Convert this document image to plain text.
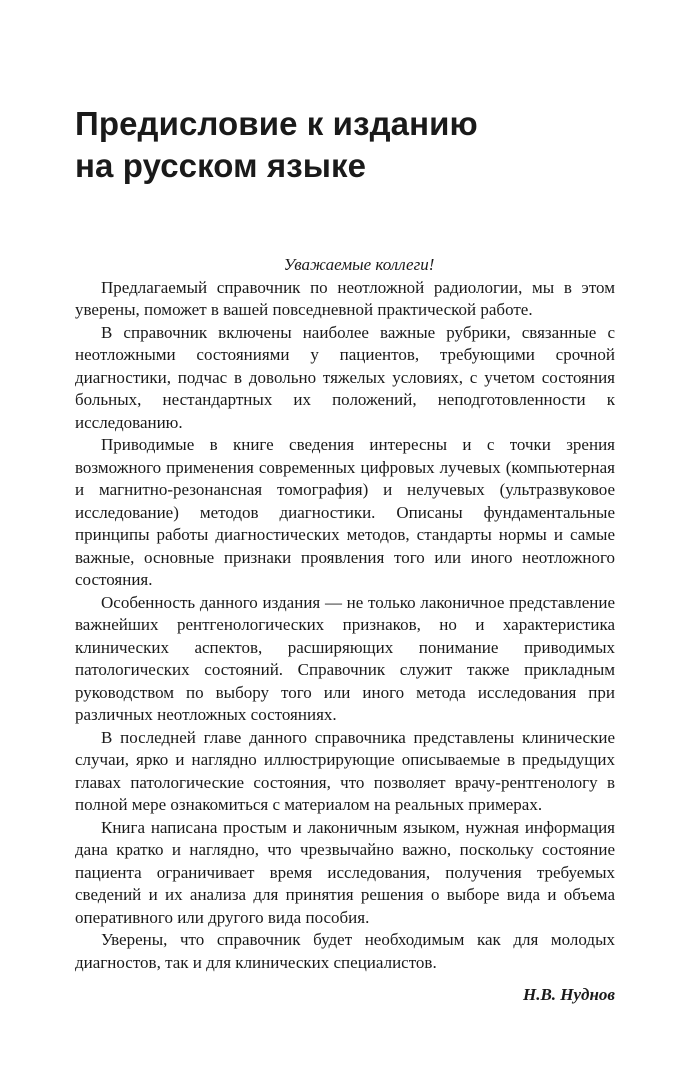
Предисловие к изданию
на русском языке

Уважаемые коллеги!

Предлагаемый справочник по неотложной радиологии, мы в этом уверены, поможет в вашей повседневной практической работе.

В справочник включены наиболее важные рубрики, связанные с неотложными состояниями у пациентов, требующими срочной диагностики, подчас в довольно тяжелых условиях, с учетом состояния больных, нестандартных их положений, неподготовленности к исследованию.

Приводимые в книге сведения интересны и с точки зрения возможного применения современных цифровых лучевых (компьютерная и магнитно-резонансная томография) и нелучевых (ультразвуковое исследование) методов диагностики. Описаны фундаментальные принципы работы диагностических методов, стандарты нормы и самые важные, основные признаки проявления того или иного неотложного состояния.

Особенность данного издания — не только лаконичное представление важнейших рентгенологических признаков, но и характеристика клинических аспектов, расширяющих понимание приводимых патологических состояний. Справочник служит также прикладным руководством по выбору того или иного метода исследования при различных неотложных состояниях.

В последней главе данного справочника представлены клинические случаи, ярко и наглядно иллюстрирующие описываемые в предыдущих главах патологические состояния, что позволяет врачу-рентгенологу в полной мере ознакомиться с материалом на реальных примерах.

Книга написана простым и лаконичным языком, нужная информация дана кратко и наглядно, что чрезвычайно важно, поскольку состояние пациента ограничивает время исследования, получения требуемых сведений и их анализа для принятия решения о выборе вида и объема оперативного или другого вида пособия.

Уверены, что справочник будет необходимым как для молодых диагностов, так и для клинических специалистов.

Н.В. Нуднов
